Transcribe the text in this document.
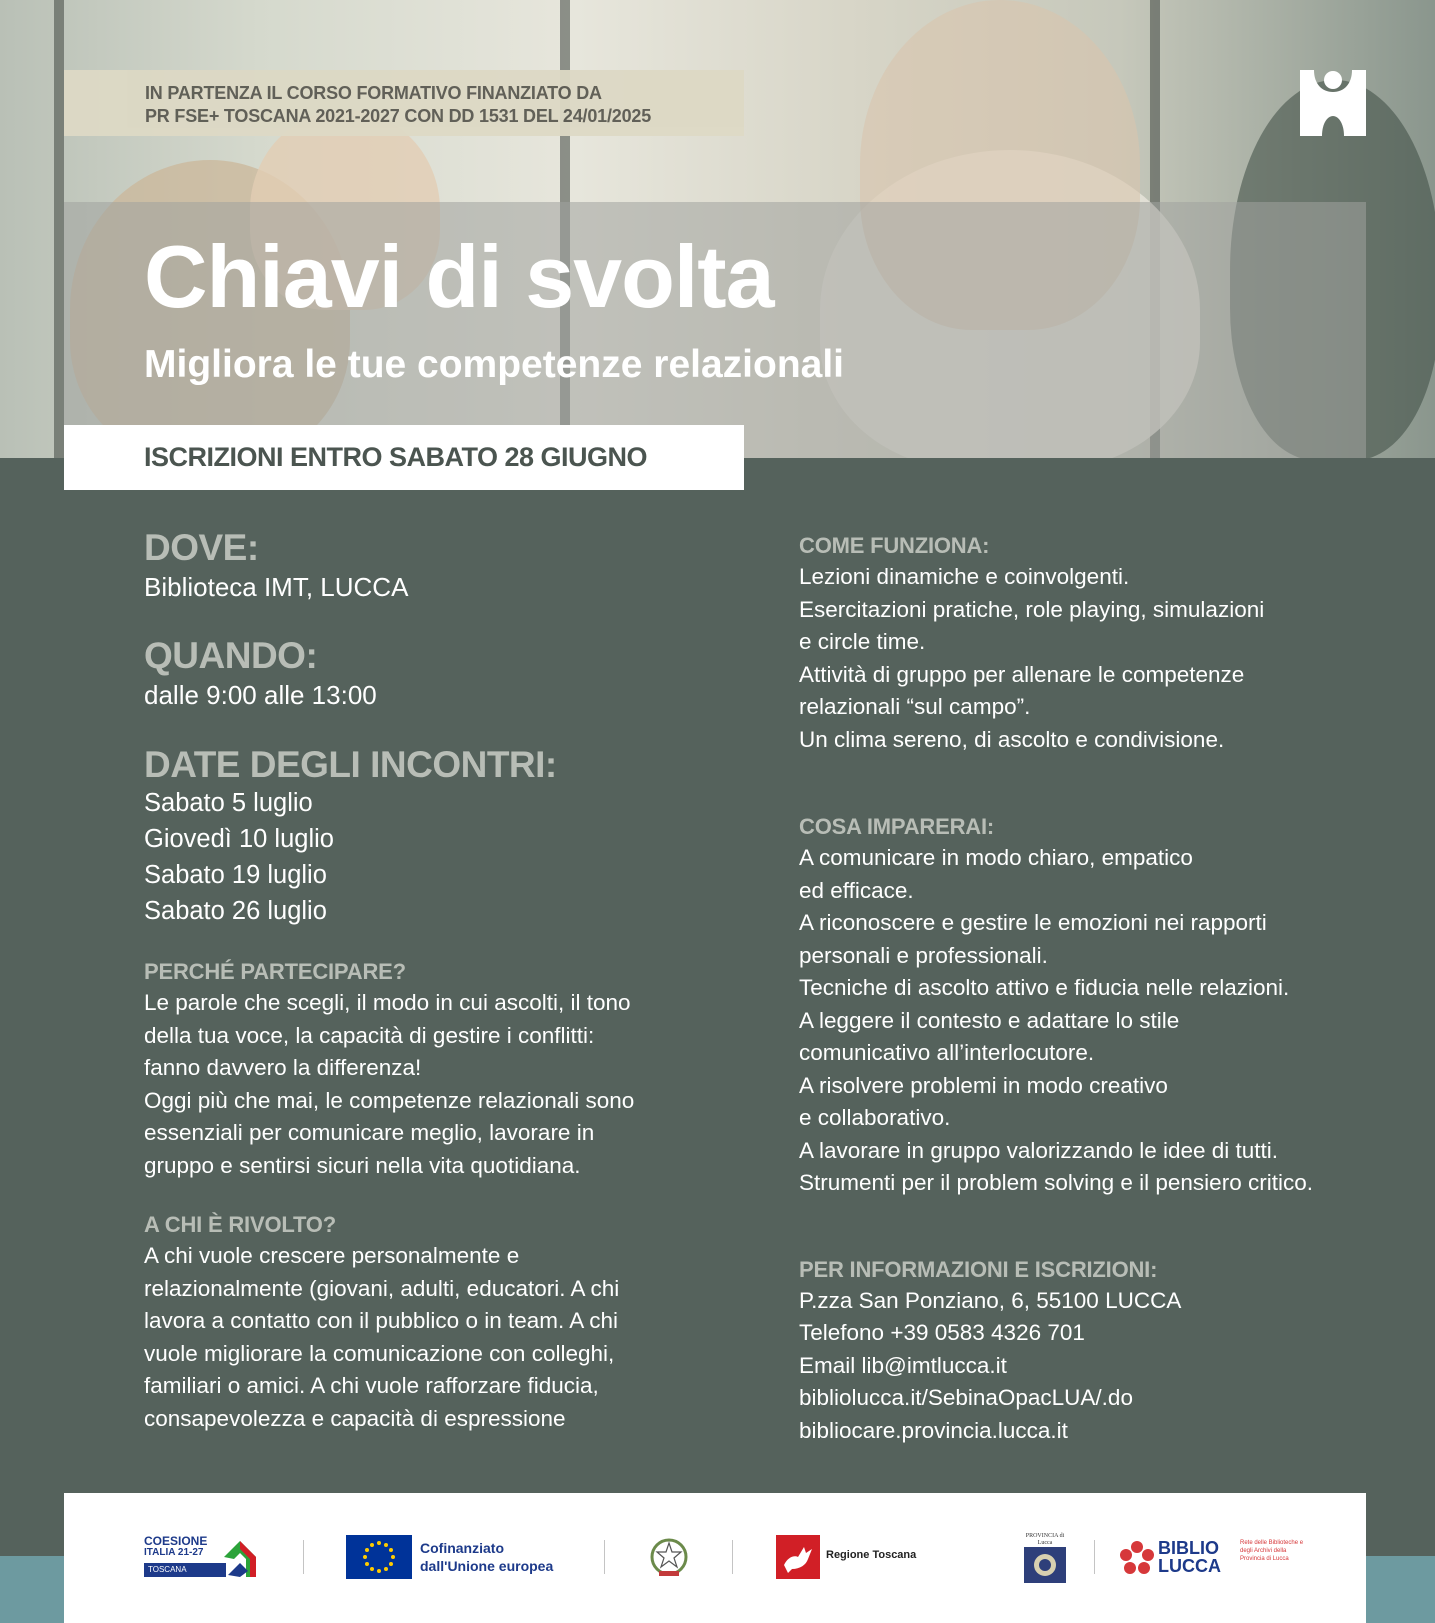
IN PARTENZA IL CORSO FORMATIVO FINANZIATO DA
PR FSE+ TOSCANA 2021-2027 CON DD 1531 DEL 24/01/2025
Chiavi di svolta
Migliora le tue competenze relazionali
ISCRIZIONI ENTRO SABATO 28 GIUGNO

DOVE:

Biblioteca IMT, LUCCA

QUANDO:

dalle 9:00 alle 13:00

DATE DEGLI INCONTRI:

Sabato 5 luglio

Giovedì 10 luglio

Sabato 19 luglio

Sabato 26 luglio

PERCHÉ PARTECIPARE?

Le parole che scegli, il modo in cui ascolti, il tono
della tua voce, la capacità di gestire i conflitti:
fanno davvero la differenza!
Oggi più che mai, le competenze relazionali sono
essenziali per comunicare meglio, lavorare in
gruppo e sentirsi sicuri nella vita quotidiana.

A CHI È RIVOLTO?

A chi vuole crescere personalmente e
relazionalmente (giovani, adulti, educatori. A chi
lavora a contatto con il pubblico o in team. A chi
vuole migliorare la comunicazione con colleghi,
familiari o amici. A chi vuole rafforzare fiducia,
consapevolezza e capacità di espressione

COME FUNZIONA:

Lezioni dinamiche e coinvolgenti.
Esercitazioni pratiche, role playing, simulazioni
e circle time.
Attività di gruppo per allenare le competenze
relazionali “sul campo”.
Un clima sereno, di ascolto e condivisione.

COSA IMPARERAI:

A comunicare in modo chiaro, empatico
ed efficace.
A riconoscere e gestire le emozioni nei rapporti
personali e professionali.
Tecniche di ascolto attivo e fiducia nelle relazioni.
A leggere il contesto e adattare lo stile
comunicativo all’interlocutore.
A risolvere problemi in modo creativo
e collaborativo.
A lavorare in gruppo valorizzando le idee di tutti.
Strumenti per il problem solving e il pensiero critico.

PER INFORMAZIONI E ISCRIZIONI:

P.zza San Ponziano, 6, 55100 LUCCA

Telefono +39 0583 4326 701

Email lib@imtlucca.it

bibliolucca.it/SebinaOpacLUA/.do

bibliocare.provincia.lucca.it

COESIONE
ITALIA 21-27
TOSCANA
Cofinanziato
dall'Unione europea
Regione Toscana
PROVINCIA di Lucca	BIBLIO
LUCCA
Rete delle Biblioteche e degli Archivi della Provincia di Lucca
